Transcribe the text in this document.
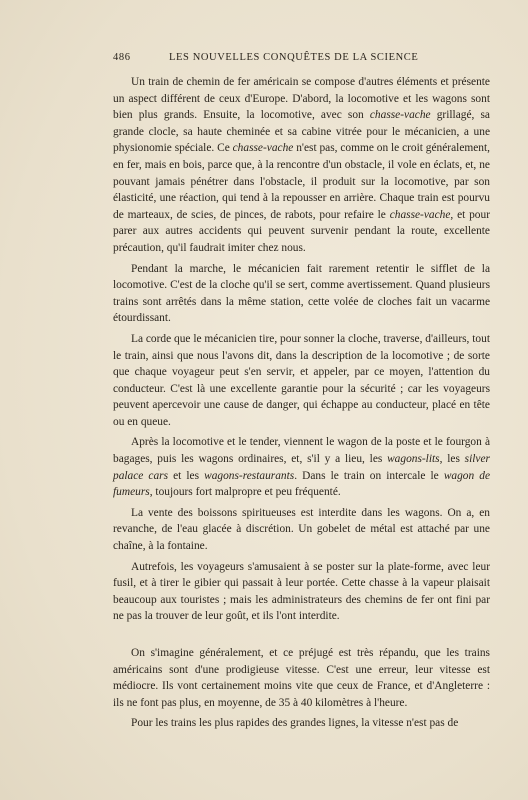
486	LES NOUVELLES CONQUÊTES DE LA SCIENCE

Un train de chemin de fer américain se compose d'autres éléments et présente un aspect différent de ceux d'Europe. D'abord, la locomotive et les wagons sont bien plus grands. Ensuite, la locomotive, avec son chasse-vache grillagé, sa grande clocle, sa haute cheminée et sa cabine vitrée pour le mécanicien, a une physionomie spéciale. Ce chasse-vache n'est pas, comme on le croit généralement, en fer, mais en bois, parce que, à la rencontre d'un obstacle, il vole en éclats, et, ne pouvant jamais pénétrer dans l'obstacle, il produit sur la locomotive, par son élasticité, une réaction, qui tend à la repousser en arrière. Chaque train est pourvu de marteaux, de scies, de pinces, de rabots, pour refaire le chasse-vache, et pour parer aux autres accidents qui peuvent survenir pendant la route, excellente précaution, qu'il faudrait imiter chez nous.

Pendant la marche, le mécanicien fait rarement retentir le sifflet de la locomotive. C'est de la cloche qu'il se sert, comme avertissement. Quand plusieurs trains sont arrêtés dans la même station, cette volée de cloches fait un vacarme étourdissant.

La corde que le mécanicien tire, pour sonner la cloche, traverse, d'ailleurs, tout le train, ainsi que nous l'avons dit, dans la description de la locomotive ; de sorte que chaque voyageur peut s'en servir, et appeler, par ce moyen, l'attention du conducteur. C'est là une excellente garantie pour la sécurité ; car les voyageurs peuvent apercevoir une cause de danger, qui échappe au conducteur, placé en tête ou en queue.

Après la locomotive et le tender, viennent le wagon de la poste et le fourgon à bagages, puis les wagons ordinaires, et, s'il y a lieu, les wagons-lits, les silver palace cars et les wagons-restaurants. Dans le train on intercale le wagon de fumeurs, toujours fort malpropre et peu fréquenté.

La vente des boissons spiritueuses est interdite dans les wagons. On a, en revanche, de l'eau glacée à discrétion. Un gobelet de métal est attaché par une chaîne, à la fontaine.

Autrefois, les voyageurs s'amusaient à se poster sur la plate-forme, avec leur fusil, et à tirer le gibier qui passait à leur portée. Cette chasse à la vapeur plaisait beaucoup aux touristes ; mais les administrateurs des chemins de fer ont fini par ne pas la trouver de leur goût, et ils l'ont interdite.

On s'imagine généralement, et ce préjugé est très répandu, que les trains américains sont d'une prodigieuse vitesse. C'est une erreur, leur vitesse est médiocre. Ils vont certainement moins vite que ceux de France, et d'Angleterre : ils ne font pas plus, en moyenne, de 35 à 40 kilomètres à l'heure.

Pour les trains les plus rapides des grandes lignes, la vitesse n'est pas de
